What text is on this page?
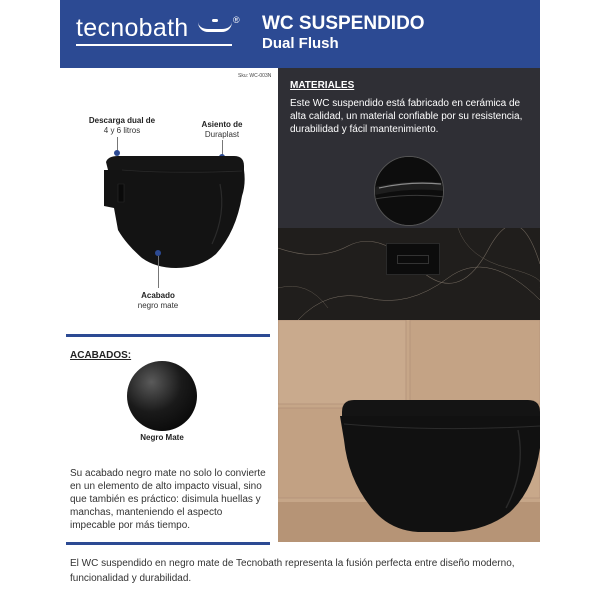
tecnobath	® WC SUSPENDIDO
Dual Flush
Sku: WC-003N
Descarga dual de
4 y 6 litros
Asiento de
Duraplast
Acabado
negro mate
ACABADOS:
Negro Mate

Su acabado negro mate no solo lo convierte en un elemento de alto impacto visual, sino que también es práctico: disimula huellas y manchas, manteniendo el aspecto impecable por más tiempo.

MATERIALES

Este WC suspendido está fabricado en cerámica de alta calidad, un material confiable por su resistencia, durabilidad y fácil mantenimiento.

El WC suspendido en negro mate de Tecnobath representa la fusión perfecta entre diseño moderno, funcionalidad y durabilidad.
